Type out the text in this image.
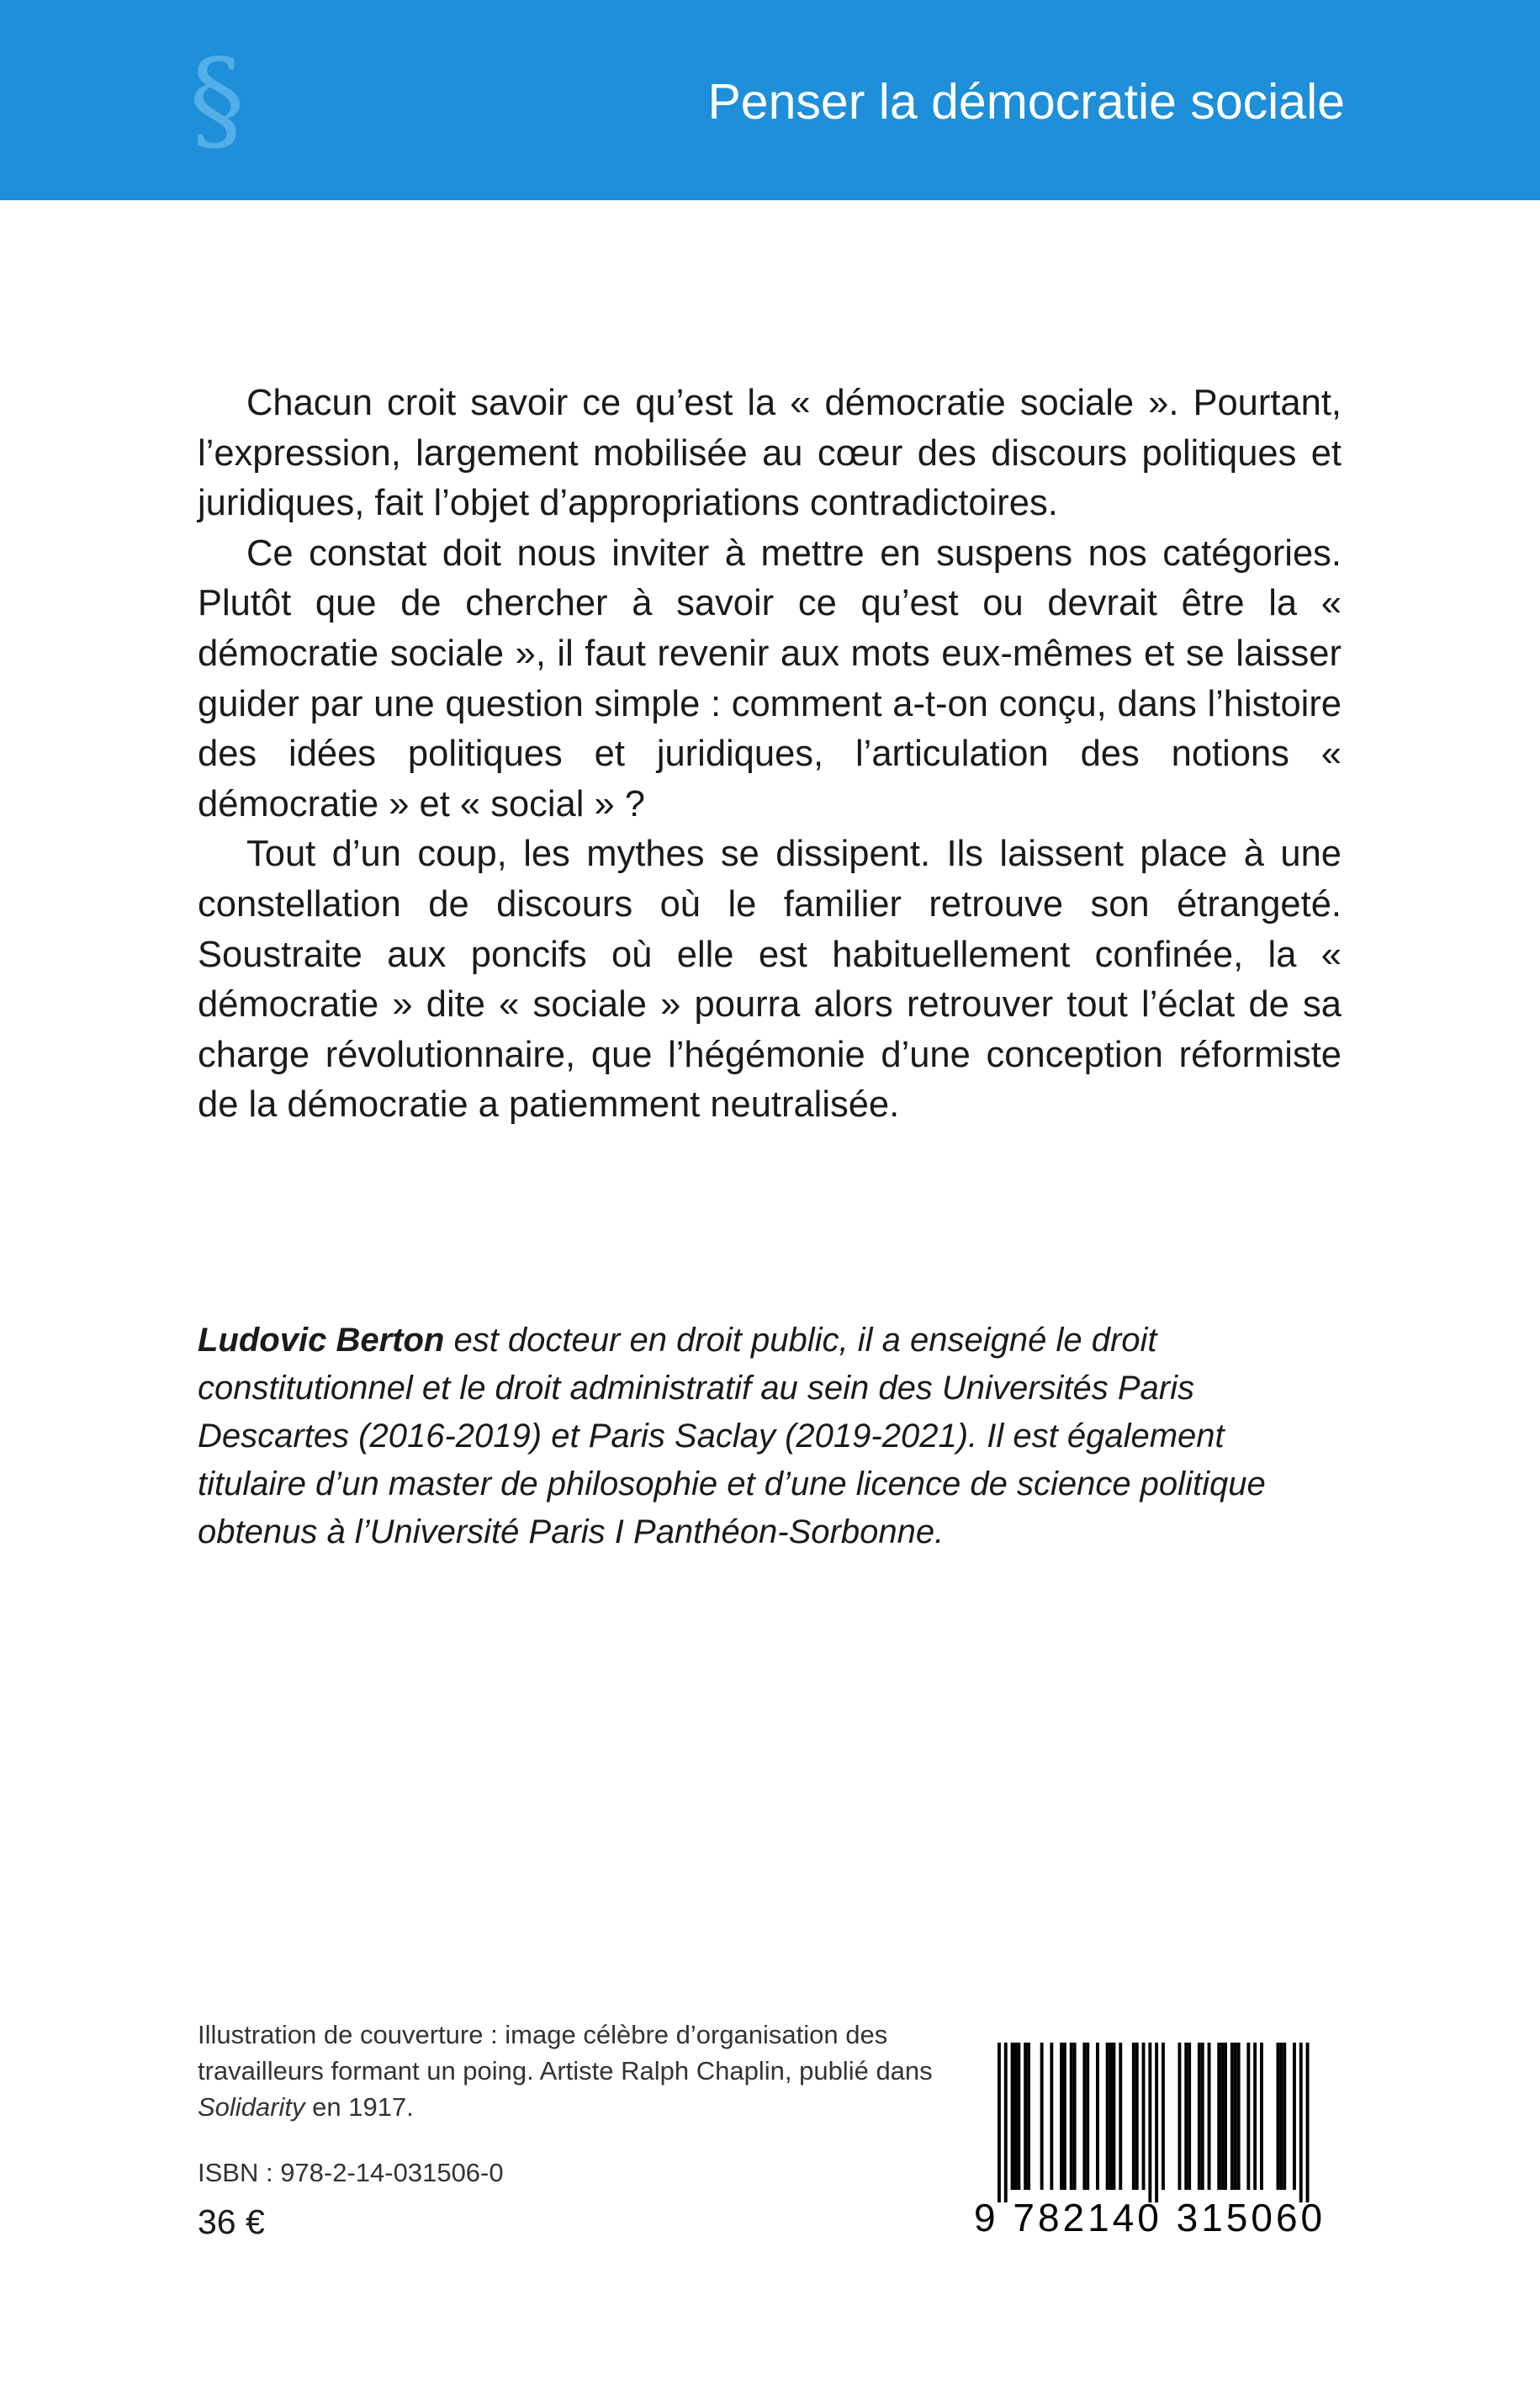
§	Penser la démocratie sociale

Chacun croit savoir ce qu’est la « démocratie sociale ». Pourtant, l’expression, largement mobilisée au cœur des discours politiques et juridiques, fait l’objet d’appropriations contradictoires.

Ce constat doit nous inviter à mettre en suspens nos catégories. Plutôt que de chercher à savoir ce qu’est ou devrait être la « démocratie sociale », il faut revenir aux mots eux-mêmes et se laisser guider par une question simple : comment a-t-on conçu, dans l’histoire des idées politiques et juridiques, l’articulation des notions « démocratie » et « social » ?

Tout d’un coup, les mythes se dissipent. Ils laissent place à une constellation de discours où le familier retrouve son étrangeté. Soustraite aux poncifs où elle est habituellement confinée, la « démocratie » dite « sociale » pourra alors retrouver tout l’éclat de sa charge révolutionnaire, que l’hégémonie d’une conception réformiste de la démocratie a patiemment neutralisée.

Ludovic Berton est docteur en droit public, il a enseigné le droit constitutionnel et le droit administratif au sein des Universités Paris Descartes (2016-2019) et Paris Saclay (2019-2021). Il est également titulaire d’un master de philosophie et d’une licence de science politique obtenus à l’Université Paris I Panthéon-Sorbonne.

Illustration de couverture : image célèbre d’organisation des travailleurs formant un poing. Artiste Ralph Chaplin, publié dans Solidarity en 1917.
ISBN : 978-2-14-031506-0
36 €	9 782140 315060
